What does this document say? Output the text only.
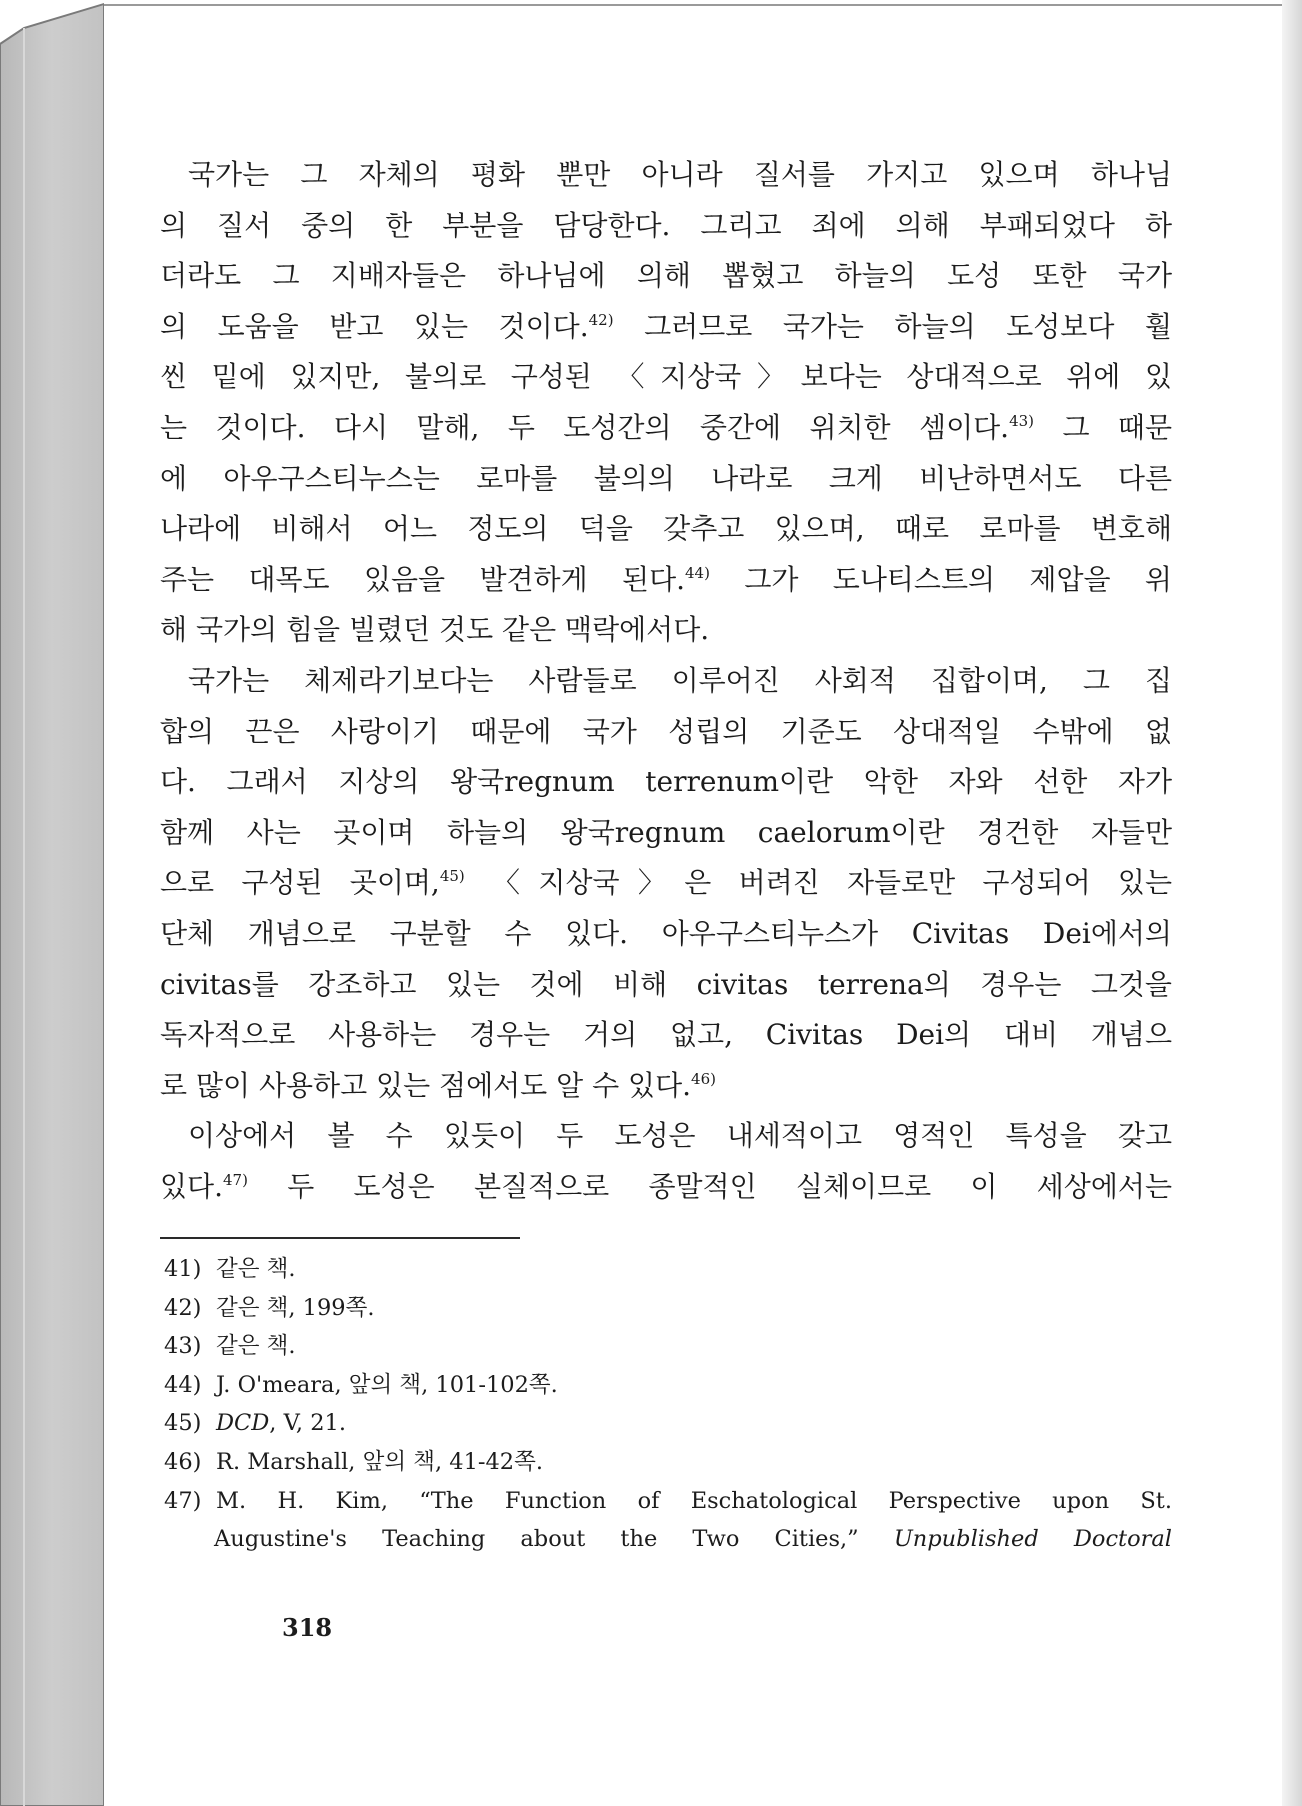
국가는 그 자체의 평화 뿐만 아니라 질서를 가지고 있으며 하나님
의 질서 중의 한 부분을 담당한다. 그리고 죄에 의해 부패되었다 하
더라도 그 지배자들은 하나님에 의해 뽑혔고 하늘의 도성 또한 국가
의 도움을 받고 있는 것이다.$^{42)}$ 그러므로 국가는 하늘의 도성보다 훨
씬 밑에 있지만, 불의로 구성된 〈지상국〉보다는 상대적으로 위에 있
는 것이다. 다시 말해, 두 도성간의 중간에 위치한 셈이다.$^{43)}$ 그 때문
에 아우구스티누스는 로마를 불의의 나라로 크게 비난하면서도 다른
나라에 비해서 어느 정도의 덕을 갖추고 있으며, 때로 로마를 변호해
주는 대목도 있음을 발견하게 된다.$^{44)}$ 그가 도나티스트의 제압을 위
해 국가의 힘을 빌렸던 것도 같은 맥락에서다.
국가는 체제라기보다는 사람들로 이루어진 사회적 집합이며, 그 집
합의 끈은 사랑이기 때문에 국가 성립의 기준도 상대적일 수밖에 없
다. 그래서 지상의 왕국regnum terrenum이란 악한 자와 선한 자가
함께 사는 곳이며 하늘의 왕국regnum caelorum이란 경건한 자들만
으로 구성된 곳이며,$^{45)}$ 〈지상국〉은 버려진 자들로만 구성되어 있는
단체 개념으로 구분할 수 있다. 아우구스티누스가 Civitas Dei에서의
civitas를 강조하고 있는 것에 비해 civitas terrena의 경우는 그것을
독자적으로 사용하는 경우는 거의 없고, Civitas Dei의 대비 개념으
로 많이 사용하고 있는 점에서도 알 수 있다.$^{46)}$
이상에서 볼 수 있듯이 두 도성은 내세적이고 영적인 특성을 갖고
있다.$^{47)}$ 두 도성은 본질적으로 종말적인 실체이므로 이 세상에서는
41) 같은 책.
42) 같은 책, 199쪽.
43) 같은 책.
44) J. O'meara, 앞의 책, 101-102쪽.
45) DCD, V, 21.
46) R. Marshall, 앞의 책, 41-42쪽.
47) M. H. Kim, “The Function of Eschatological Perspective upon St.
Augustine's Teaching about the Two Cities,” Unpublished Doctoral
318
